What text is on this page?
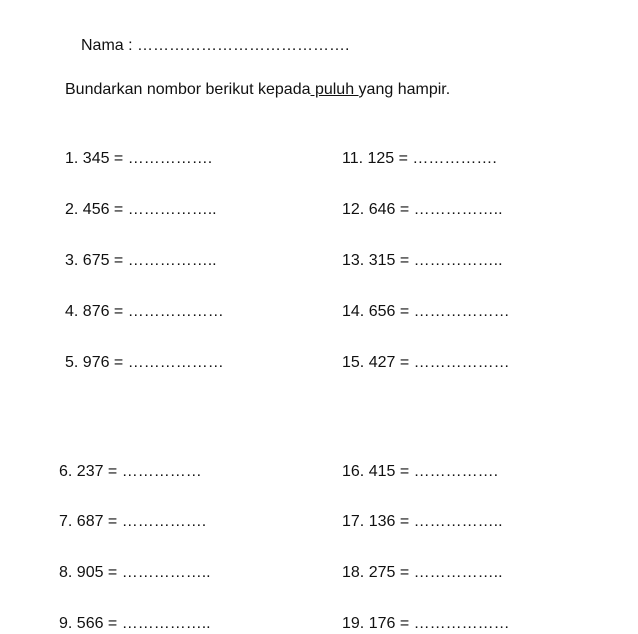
Nama : ………………………………….
Bundarkan nombor berikut kepada puluh yang hampir.
1. 345 = …………….
2. 456 = ……………..
3. 675 = ……………..
4. 876 = ………………
5. 976 = ………………
6. 237 = ……………
7. 687 = …………….
8. 905 = ……………..
9. 566 = ……………..
11. 125 = …………….
12. 646 = ……………..
13. 315 = ……………..
14. 656 = ………………
15. 427 = ………………
16. 415 = …………….
17. 136 = ……………..
18. 275 = ……………..
19. 176 = ………………
